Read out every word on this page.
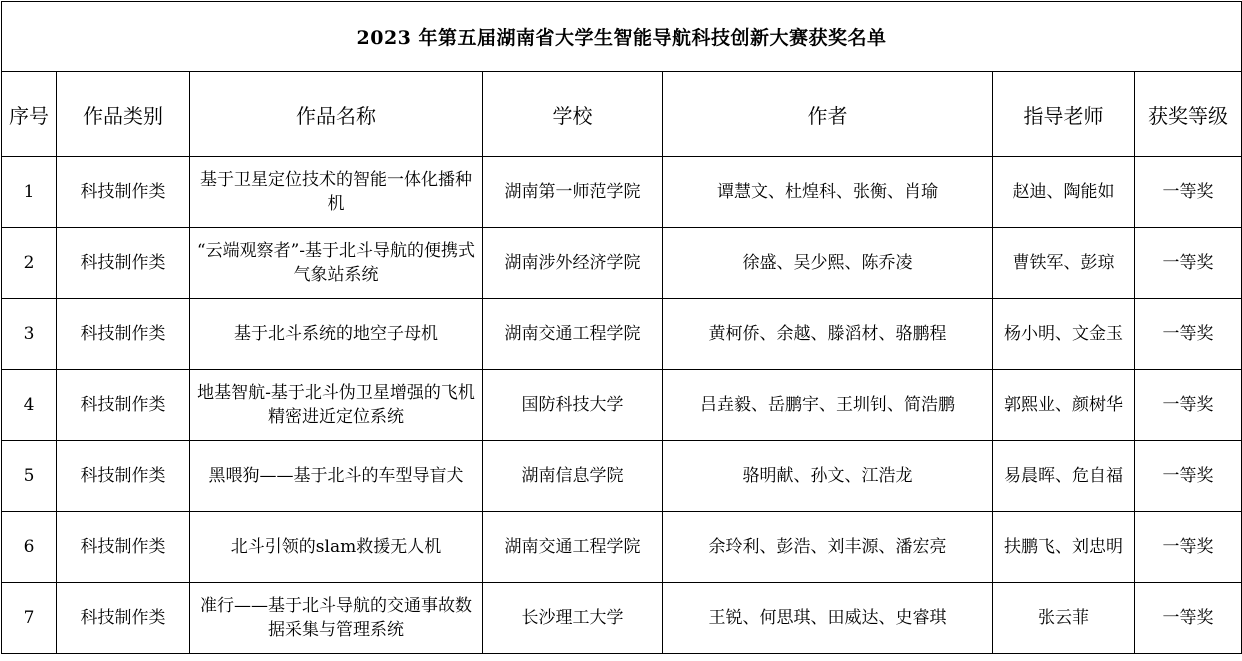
2023 年第五届湖南省大学生智能导航科技创新大赛获奖名单						
序号	作品类别	作品名称	学校	作者	指导老师	获奖等级
1	科技制作类	基于卫星定位技术的智能一体化播种机	湖南第一师范学院	谭慧文、杜煌科、张衡、肖瑜	赵迪、陶能如	一等奖
2	科技制作类	“云端观察者”-基于北斗导航的便携式气象站系统	湖南涉外经济学院	徐盛、吴少熙、陈乔凌	曹铁军、彭琼	一等奖
3	科技制作类	基于北斗系统的地空子母机	湖南交通工程学院	黄柯侨、余越、滕滔材、骆鹏程	杨小明、文金玉	一等奖
4	科技制作类	地基智航-基于北斗伪卫星增强的飞机精密进近定位系统	国防科技大学	吕垚毅、岳鹏宇、王圳钊、简浩鹏	郭熙业、颜树华	一等奖
5	科技制作类	黑喂狗——基于北斗的车型导盲犬	湖南信息学院	骆明献、孙文、江浩龙	易晨晖、危自福	一等奖
6	科技制作类	北斗引领的slam救援无人机	湖南交通工程学院	余玲利、彭浩、刘丰源、潘宏亮	扶鹏飞、刘忠明	一等奖
7	科技制作类	准行——基于北斗导航的交通事故数据采集与管理系统	长沙理工大学	王锐、何思琪、田威达、史睿琪	张云菲	一等奖
